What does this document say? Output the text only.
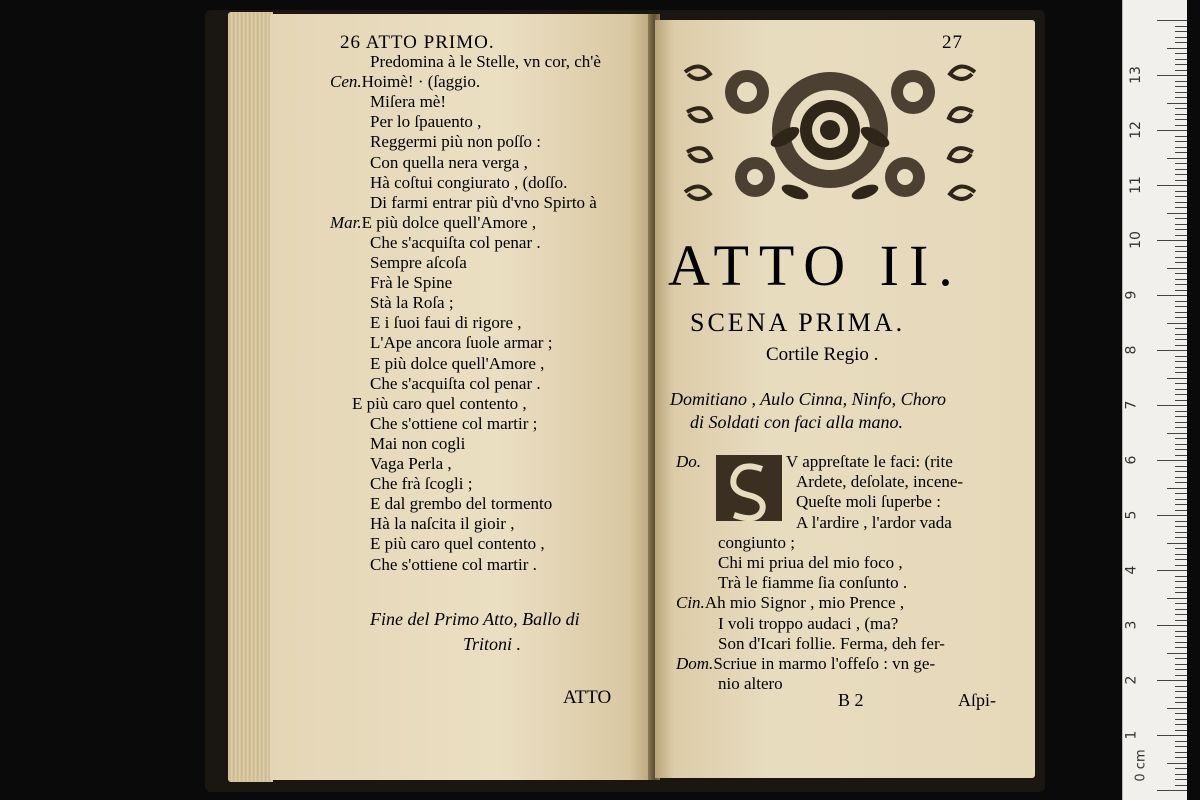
26 ATTO PRIMO.
Predomina à le Stelle, vn cor, ch'è
Cen.Hoimè! · (ſaggio.
Miſera mè!
Per lo ſpauento ,
Reggermi più non poſſo :
Con quella nera verga ,
Hà coſtui congiurato , (doſſo.
Di farmi entrar più d'vno Spirto à
Mar.E più dolce quell'Amore ,
Che s'acquiſta col penar .
Sempre aſcoſa
Frà le Spine
Stà la Roſa ;
E i ſuoi faui di rigore ,
L'Ape ancora ſuole armar ;
E più dolce quell'Amore ,
Che s'acquiſta col penar .
E più caro quel contento ,
Che s'ottiene col martir ;
Mai non cogli
Vaga Perla ,
Che frà ſcogli ;
E dal grembo del tormento
Hà la naſcita il gioir ,
E più caro quel contento ,
Che s'ottiene col martir .
Fine del Primo Atto, Ballo di
Tritoni .
ATTO
27
ATTO II.
SCENA PRIMA.
Cortile Regio .
Domitiano , Aulo Cinna, Ninfo, Choro
di Soldati con faci alla mano.
Do.	V appreſtate le faci: (rite
Ardete, deſolate, incene-
Queſte moli ſuperbe :
A l'ardire , l'ardor vada
congiunto ;
Chi mi priua del mio foco ,
Trà le fiamme ſia conſunto .
Cin.Ah mio Signor , mio Prence ,
I voli troppo audaci , (ma?
Son d'Icari follie. Ferma, deh fer-
Dom.Scriue in marmo l'offeſo : vn ge-
nio altero
B 2	Aſpi-
13
12
11
10
9
8
7
6
5
4
3
2
1
0 cm
